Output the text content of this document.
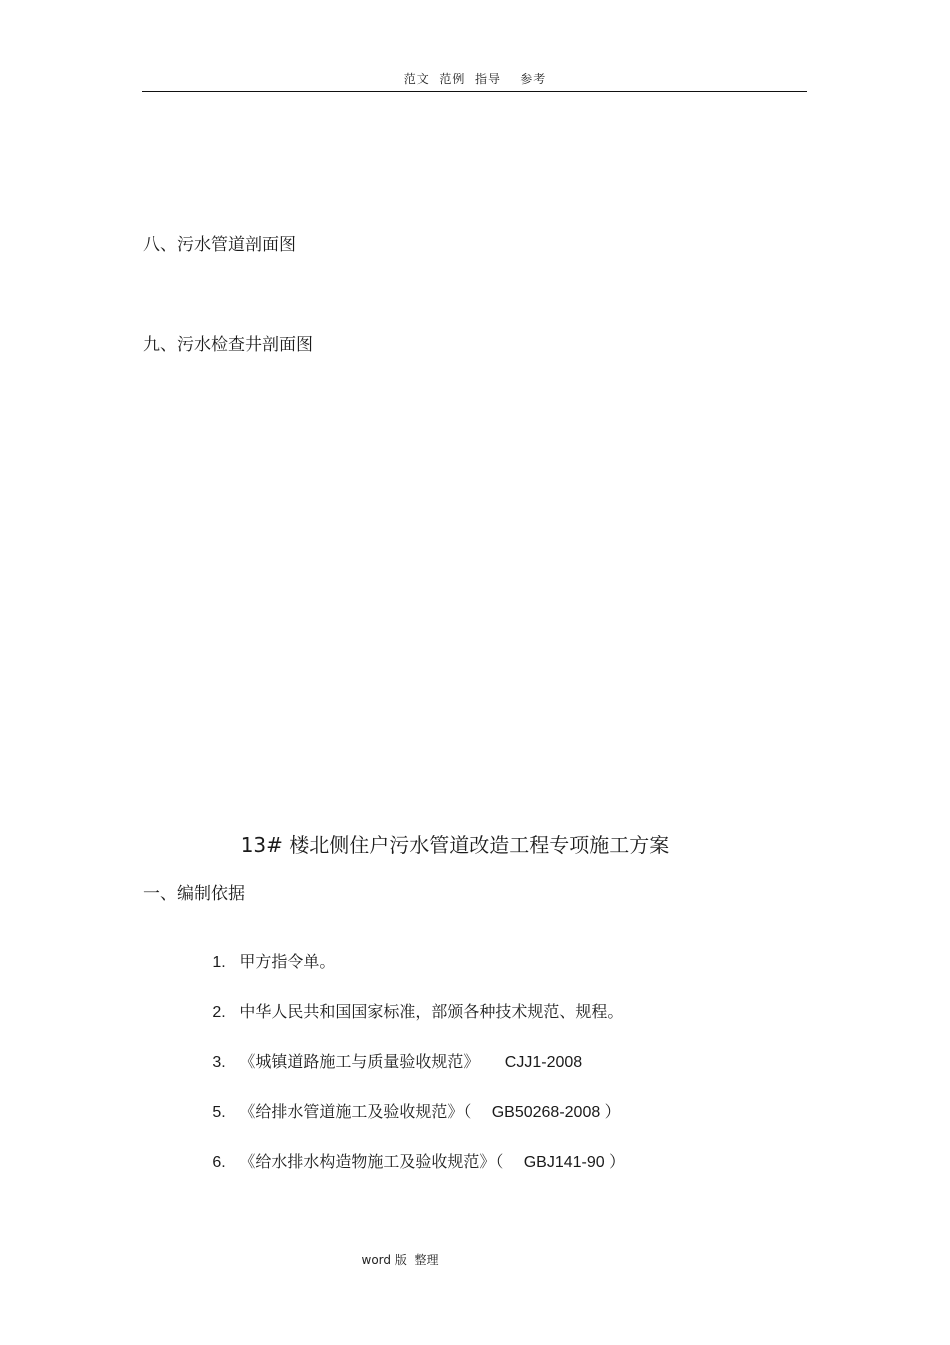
范文  范例  指导    参考
八、污水管道剖面图
九、污水检查井剖面图
13# 楼北侧住户污水管道改造工程专项施工方案
一、编制依据

1. 甲方指令单。

2. 中华人民共和国国家标准，部颁各种技术规范、规程。

3. 《城镇道路施工与质量验收规范》     CJJ1-2008

5. 《给排水管道施工及验收规范》（    GB50268-2008 ）

6. 《给水排水构造物施工及验收规范》（    GBJ141-90 ）

word 版  整理
